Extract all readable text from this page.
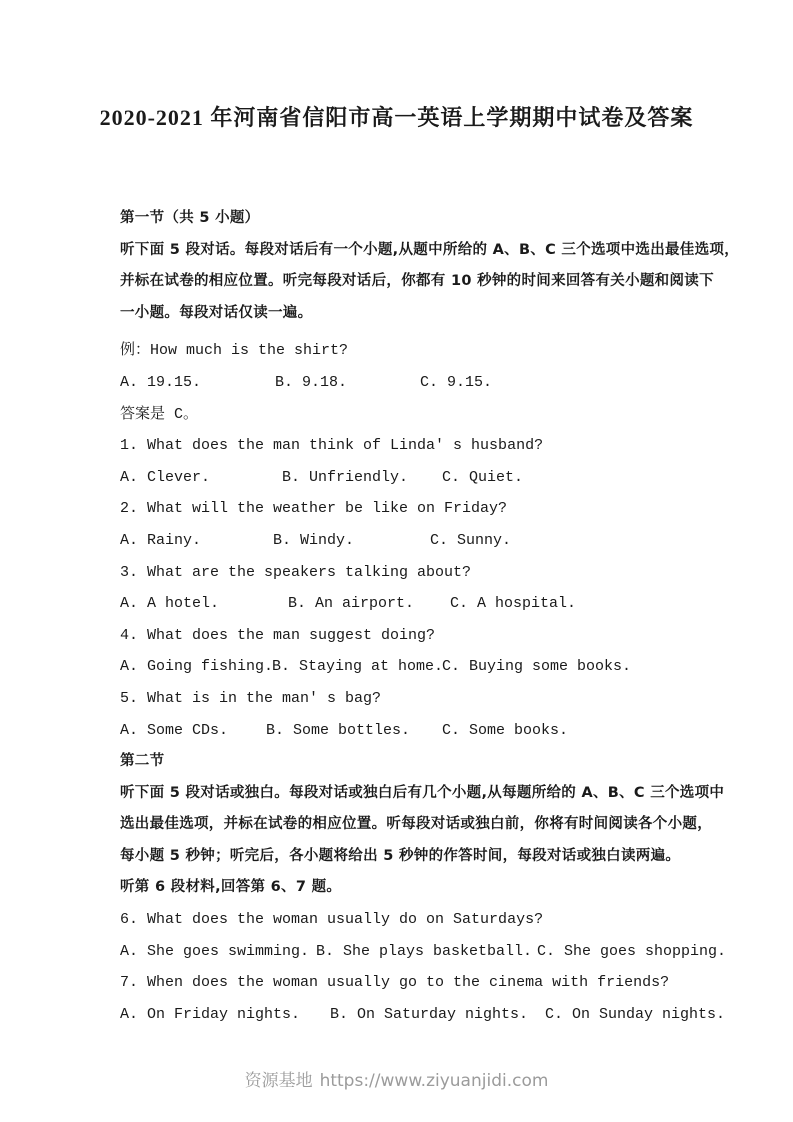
2020-2021 年河南省信阳市高一英语上学期期中试卷及答案
第一节（共 5 小题）
听下面 5 段对话。每段对话后有一个小题,从题中所给的 A、B、C 三个选项中选出最佳选项，
并标在试卷的相应位置。听完每段对话后，你都有 10 秒钟的时间来回答有关小题和阅读下
一小题。每段对话仅读一遍。
例：How much is the shirt?
A. 19.15.	B. 9.18.	C. 9.15.
答案是 C。
1. What does the man think of Linda' s husband?
A. Clever.	B. Unfriendly. C. Quiet.
2. What will the weather be like on Friday?
A. Rainy.	B. Windy.	C. Sunny.
3. What are the speakers talking about?
A. A hotel.	B. An airport. C. A hospital.
4. What does the man suggest doing?
A. Going fishing.
B. Staying at home.
C. Buying some books.
5. What is in the man' s bag?
A. Some CDs.	B. Some bottles. C. Some books.
第二节
听下面 5 段对话或独白。每段对话或独白后有几个小题,从每题所给的 A、B、C 三个选项中
选出最佳选项，并标在试卷的相应位置。听每段对话或独白前，你将有时间阅读各个小题，
每小题 5 秒钟；听完后，各小题将给出 5 秒钟的作答时间，每段对话或独白读两遍。
听第 6 段材料,回答第 6、7 题。
6. What does the woman usually do on Saturdays?
A. She goes swimming. B. She plays basketball. C. She goes shopping.
7. When does the woman usually go to the cinema with friends?
A. On Friday nights. B. On Saturday nights. C. On Sunday nights.
资源基地 https://www.ziyuanjidi.com
